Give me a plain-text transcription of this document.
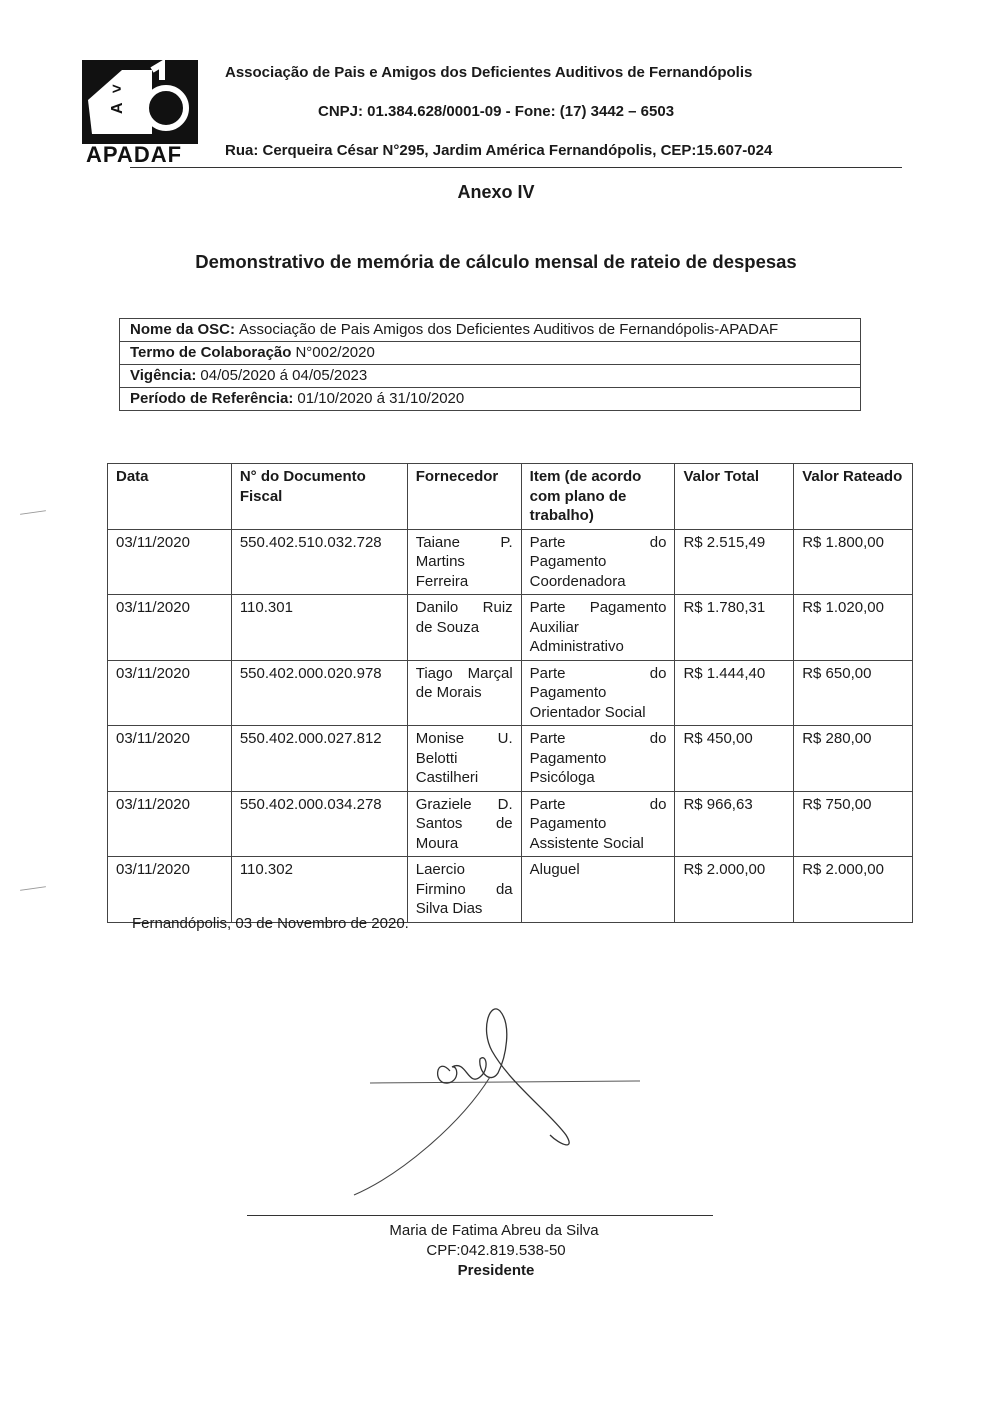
>
A
APADAF
Associação de Pais e Amigos dos Deficientes Auditivos de Fernandópolis
CNPJ: 01.384.628/0001-09 - Fone: (17) 3442 – 6503
Rua: Cerqueira César N°295, Jardim América Fernandópolis, CEP:15.607-024
Anexo IV
Demonstrativo de memória de cálculo mensal de rateio de despesas
Nome da OSC: Associação de Pais Amigos dos Deficientes Auditivos de Fernandópolis-APADAF
Termo de Colaboração N°002/2020
Vigência: 04/05/2020 á 04/05/2023
Período de Referência: 01/10/2020 á 31/10/2020
Data	N° do Documento Fiscal	Fornecedor	Item (de acordo com plano de trabalho)	Valor Total	Valor Rateado
03/11/2020	550.402.510.032.728	Taiane P. Martins Ferreira	Parte do Pagamento Coordenadora	R$ 2.515,49	R$ 1.800,00
03/11/2020	110.301	Danilo Ruiz de Souza	Parte Pagamento Auxiliar Administrativo	R$ 1.780,31	R$ 1.020,00
03/11/2020	550.402.000.020.978	Tiago Marçal de Morais	Parte do Pagamento Orientador Social	R$ 1.444,40	R$ 650,00
03/11/2020	550.402.000.027.812	Monise U. Belotti Castilheri	Parte do Pagamento Psicóloga	R$ 450,00	R$ 280,00
03/11/2020	550.402.000.034.278	Graziele D. Santos de Moura	Parte do Pagamento Assistente Social	R$ 966,63	R$ 750,00
03/11/2020	110.302	Laercio Firmino da Silva Dias	Aluguel	R$ 2.000,00	R$ 2.000,00
Fernandópolis, 03 de Novembro de 2020.
Maria de Fatima Abreu da Silva
CPF:042.819.538-50
Presidente
